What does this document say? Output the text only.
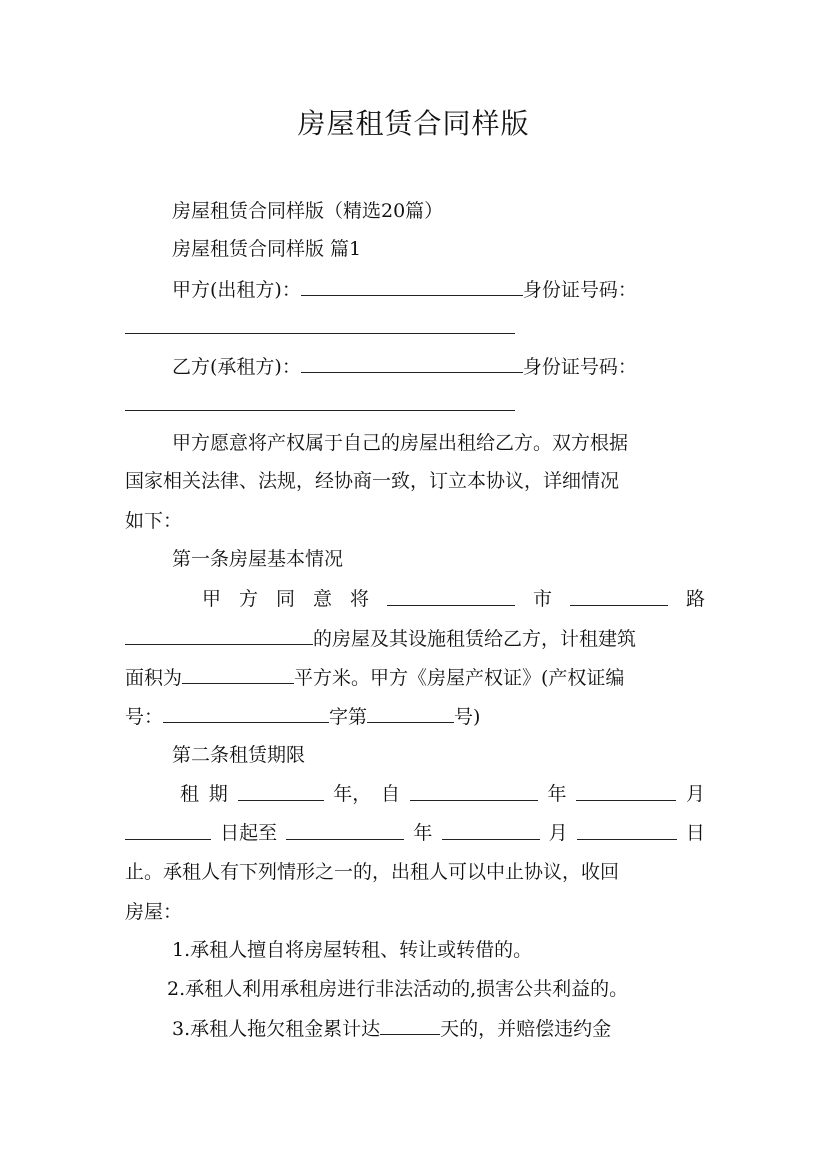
房屋租赁合同样版
房屋租赁合同样版（精选20篇）
房屋租赁合同样版 篇1
甲方(出租方)：	身份证号码：
乙方(承租方)：	身份证号码：
甲方愿意将产权属于自己的房屋出租给乙方。双方根据
国家相关法律、法规，经协商一致，订立本协议，详细情况
如下：
第一条房屋基本情况
甲 方 同 意 将	市	路
的房屋及其设施租赁给乙方，计租建筑
面积为	平方米。甲方《房屋产权证》(产权证编
号：	字第	号)
第二条租赁期限
租 期	年， 自	年	月
日起至	年	月	日
止。承租人有下列情形之一的，出租人可以中止协议，收回
房屋：
1.承租人擅自将房屋转租、转让或转借的。
2.承租人利用承租房进行非法活动的,损害公共利益的。
3.承租人拖欠租金累计达	天的，并赔偿违约金
